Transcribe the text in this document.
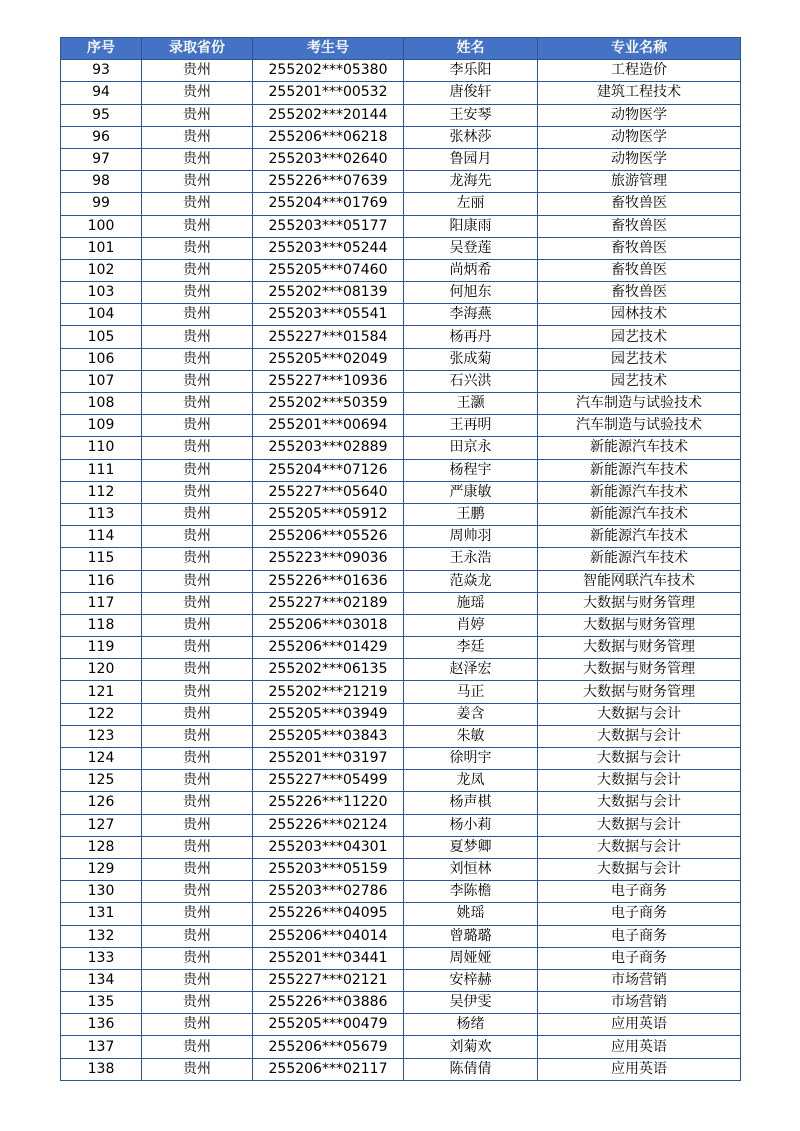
序号	录取省份	考生号	姓名	专业名称
93	贵州	255202***05380	李乐阳	工程造价
94	贵州	255201***00532	唐俊轩	建筑工程技术
95	贵州	255202***20144	王安琴	动物医学
96	贵州	255206***06218	张林莎	动物医学
97	贵州	255203***02640	鲁园月	动物医学
98	贵州	255226***07639	龙海先	旅游管理
99	贵州	255204***01769	左丽	畜牧兽医
100	贵州	255203***05177	阳康雨	畜牧兽医
101	贵州	255203***05244	吴登莲	畜牧兽医
102	贵州	255205***07460	尚炳希	畜牧兽医
103	贵州	255202***08139	何旭东	畜牧兽医
104	贵州	255203***05541	李海燕	园林技术
105	贵州	255227***01584	杨再丹	园艺技术
106	贵州	255205***02049	张成菊	园艺技术
107	贵州	255227***10936	石兴洪	园艺技术
108	贵州	255202***50359	王灏	汽车制造与试验技术
109	贵州	255201***00694	王再明	汽车制造与试验技术
110	贵州	255203***02889	田京永	新能源汽车技术
111	贵州	255204***07126	杨程宇	新能源汽车技术
112	贵州	255227***05640	严康敏	新能源汽车技术
113	贵州	255205***05912	王鹏	新能源汽车技术
114	贵州	255206***05526	周帅羽	新能源汽车技术
115	贵州	255223***09036	王永浩	新能源汽车技术
116	贵州	255226***01636	范焱龙	智能网联汽车技术
117	贵州	255227***02189	施瑶	大数据与财务管理
118	贵州	255206***03018	肖婷	大数据与财务管理
119	贵州	255206***01429	李廷	大数据与财务管理
120	贵州	255202***06135	赵泽宏	大数据与财务管理
121	贵州	255202***21219	马正	大数据与财务管理
122	贵州	255205***03949	姜含	大数据与会计
123	贵州	255205***03843	朱敏	大数据与会计
124	贵州	255201***03197	徐明宇	大数据与会计
125	贵州	255227***05499	龙凤	大数据与会计
126	贵州	255226***11220	杨声棋	大数据与会计
127	贵州	255226***02124	杨小莉	大数据与会计
128	贵州	255203***04301	夏梦卿	大数据与会计
129	贵州	255203***05159	刘恒林	大数据与会计
130	贵州	255203***02786	李陈檐	电子商务
131	贵州	255226***04095	姚瑶	电子商务
132	贵州	255206***04014	曾璐璐	电子商务
133	贵州	255201***03441	周娅娅	电子商务
134	贵州	255227***02121	安梓赫	市场营销
135	贵州	255226***03886	吴伊雯	市场营销
136	贵州	255205***00479	杨绪	应用英语
137	贵州	255206***05679	刘菊欢	应用英语
138	贵州	255206***02117	陈倩倩	应用英语
